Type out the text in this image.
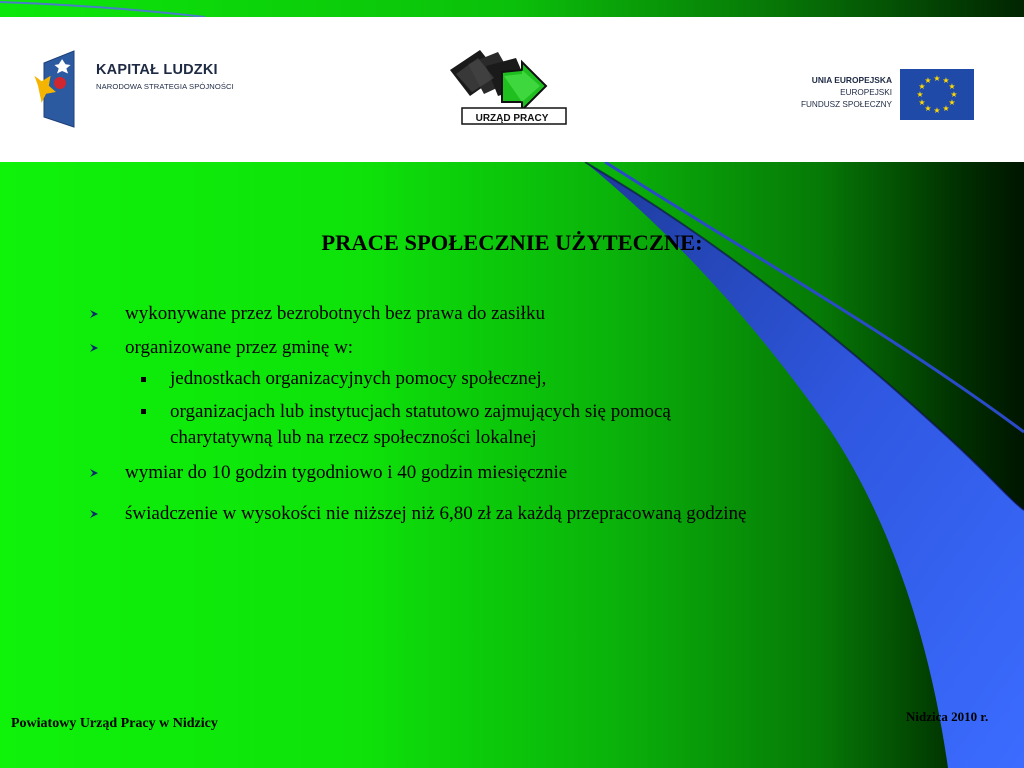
KAPITAŁ LUDZKI
NARODOWA STRATEGIA SPÓJNOŚCI
URZĄD PRACY
UNIA EUROPEJSKA
EUROPEJSKI
FUNDUSZ SPOŁECZNY
★ ★
★
★
★
★
★
★
★
★
★
★
PRACE SPOŁECZNIE UŻYTECZNE:
wykonywane przez bezrobotnych bez prawa do zasiłku
organizowane przez gminę w:
jednostkach organizacyjnych pomocy społecznej,
organizacjach lub instytucjach statutowo zajmujących się pomocą
charytatywną lub na rzecz społeczności lokalnej
wymiar do 10 godzin tygodniowo i 40 godzin miesięcznie
świadczenie w wysokości nie niższej niż 6,80 zł za każdą przepracowaną godzinę
Powiatowy Urząd Pracy w Nidzicy	Nidzica 2010 r.
